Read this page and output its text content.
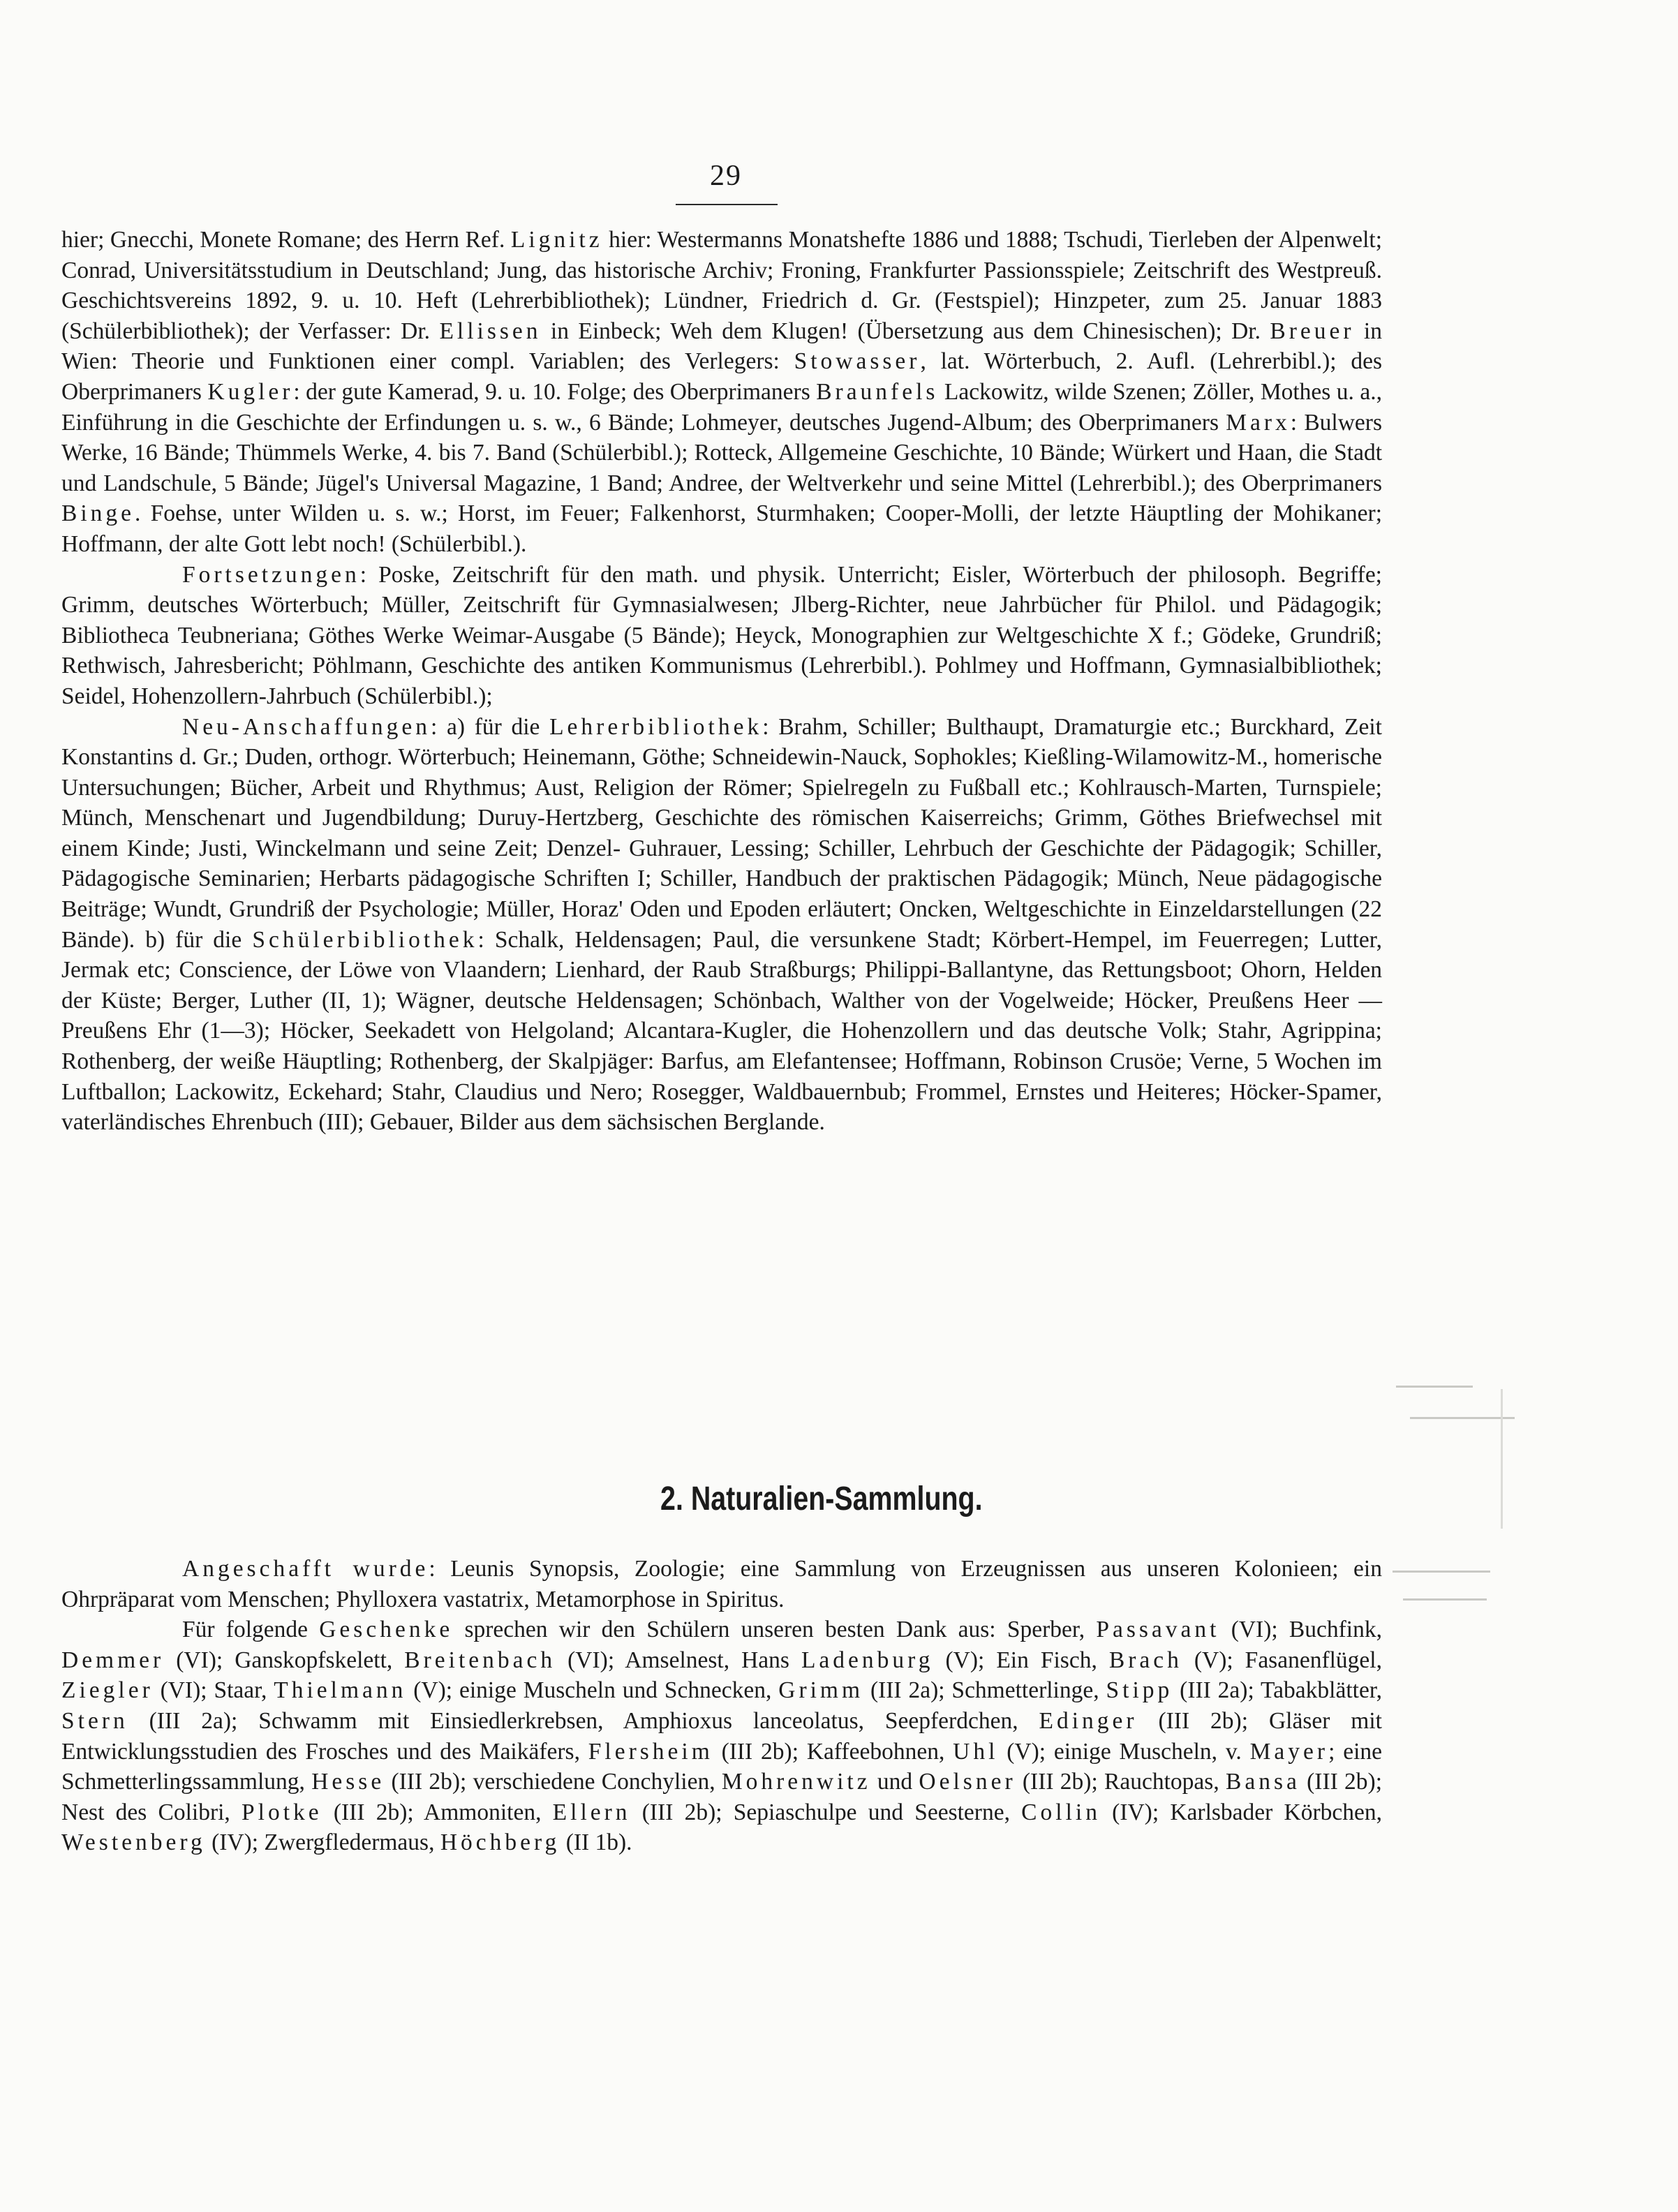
29

hier; Gnecchi, Monete Romane; des Herrn Ref. Lignitz hier: Westermanns Monatshefte 1886 und 1888; Tschudi, Tierleben der Alpenwelt; Conrad, Universitätsstudium in Deutschland; Jung, das historische Archiv; Froning, Frankfurter Passionsspiele; Zeitschrift des Westpreuß. Geschichtsvereins 1892, 9. u. 10. Heft (Lehrerbibliothek); Lündner, Friedrich d. Gr. (Festspiel); Hinzpeter, zum 25. Januar 1883 (Schülerbibliothek); der Verfasser: Dr. Ellissen in Einbeck; Weh dem Klugen! (Übersetzung aus dem Chinesischen); Dr. Breuer in Wien: Theorie und Funktionen einer compl. Variablen; des Verlegers: Stowasser, lat. Wörterbuch, 2. Aufl. (Lehrerbibl.); des Oberprimaners Kugler: der gute Kamerad, 9. u. 10. Folge; des Oberprimaners Braunfels Lackowitz, wilde Szenen; Zöller, Mothes u. a., Einführung in die Geschichte der Erfindungen u. s. w., 6 Bände; Lohmeyer, deutsches Jugend-Album; des Oberprimaners Marx: Bulwers Werke, 16 Bände; Thümmels Werke, 4. bis 7. Band (Schülerbibl.); Rotteck, Allgemeine Geschichte, 10 Bände; Würkert und Haan, die Stadt und Landschule, 5 Bände; Jügel's Universal Magazine, 1 Band; Andree, der Weltverkehr und seine Mittel (Lehrerbibl.); des Oberprimaners Binge. Foehse, unter Wilden u. s. w.; Horst, im Feuer; Falkenhorst, Sturmhaken; Cooper-Molli, der letzte Häuptling der Mohikaner; Hoffmann, der alte Gott lebt noch! (Schülerbibl.).

Fortsetzungen: Poske, Zeitschrift für den math. und physik. Unterricht; Eisler, Wörterbuch der philosoph. Begriffe; Grimm, deutsches Wörterbuch; Müller, Zeitschrift für Gymnasialwesen; Jlberg-Richter, neue Jahrbücher für Philol. und Pädagogik; Bibliotheca Teubneriana; Göthes Werke Weimar-Ausgabe (5 Bände); Heyck, Monographien zur Weltgeschichte X f.; Gödeke, Grundriß; Rethwisch, Jahresbericht; Pöhlmann, Geschichte des antiken Kommunismus (Lehrerbibl.). Pohlmey und Hoffmann, Gymnasialbibliothek; Seidel, Hohenzollern-Jahrbuch (Schülerbibl.);

Neu-Anschaffungen: a) für die Lehrerbibliothek: Brahm, Schiller; Bulthaupt, Dramaturgie etc.; Burckhard, Zeit Konstantins d. Gr.; Duden, orthogr. Wörterbuch; Heinemann, Göthe; Schneidewin-Nauck, Sophokles; Kießling-Wilamowitz-M., homerische Untersuchungen; Bücher, Arbeit und Rhythmus; Aust, Religion der Römer; Spielregeln zu Fußball etc.; Kohlrausch-Marten, Turnspiele; Münch, Menschenart und Jugendbildung; Duruy-Hertzberg, Geschichte des römischen Kaiserreichs; Grimm, Göthes Briefwechsel mit einem Kinde; Justi, Winckelmann und seine Zeit; Denzel- Guhrauer, Lessing; Schiller, Lehrbuch der Geschichte der Pädagogik; Schiller, Pädagogische Seminarien; Herbarts pädagogische Schriften I; Schiller, Handbuch der praktischen Pädagogik; Münch, Neue pädagogische Beiträge; Wundt, Grundriß der Psychologie; Müller, Horaz' Oden und Epoden erläutert; Oncken, Weltgeschichte in Einzeldarstellungen (22 Bände). b) für die Schülerbibliothek: Schalk, Heldensagen; Paul, die versunkene Stadt; Körbert-Hempel, im Feuerregen; Lutter, Jermak etc; Conscience, der Löwe von Vlaandern; Lienhard, der Raub Straßburgs; Philippi-Ballantyne, das Rettungsboot; Ohorn, Helden der Küste; Berger, Luther (II, 1); Wägner, deutsche Heldensagen; Schönbach, Walther von der Vogelweide; Höcker, Preußens Heer — Preußens Ehr (1—3); Höcker, Seekadett von Helgoland; Alcantara-Kugler, die Hohenzollern und das deutsche Volk; Stahr, Agrippina; Rothenberg, der weiße Häuptling; Rothenberg, der Skalpjäger: Barfus, am Elefantensee; Hoffmann, Robinson Crusöe; Verne, 5 Wochen im Luftballon; Lackowitz, Eckehard; Stahr, Claudius und Nero; Rosegger, Waldbauernbub; Frommel, Ernstes und Heiteres; Höcker-Spamer, vaterländisches Ehrenbuch (III); Gebauer, Bilder aus dem sächsischen Berglande.

2. Naturalien-Sammlung.

Angeschafft wurde: Leunis Synopsis, Zoologie; eine Sammlung von Erzeugnissen aus unseren Kolonieen; ein Ohrpräparat vom Menschen; Phylloxera vastatrix, Metamorphose in Spiritus.

Für folgende Geschenke sprechen wir den Schülern unseren besten Dank aus: Sperber, Passavant (VI); Buchfink, Demmer (VI); Ganskopfskelett, Breitenbach (VI); Amselnest, Hans Ladenburg (V); Ein Fisch, Brach (V); Fasanenflügel, Ziegler (VI); Staar, Thielmann (V); einige Muscheln und Schnecken, Grimm (III 2a); Schmetterlinge, Stipp (III 2a); Tabakblätter, Stern (III 2a); Schwamm mit Einsiedlerkrebsen, Amphioxus lanceolatus, Seepferdchen, Edinger (III 2b); Gläser mit Entwicklungsstudien des Frosches und des Maikäfers, Flersheim (III 2b); Kaffeebohnen, Uhl (V); einige Muscheln, v. Mayer; eine Schmetterlingssammlung, Hesse (III 2b); verschiedene Conchylien, Mohrenwitz und Oelsner (III 2b); Rauchtopas, Bansa (III 2b); Nest des Colibri, Plotke (III 2b); Ammoniten, Ellern (III 2b); Sepiaschulpe und Seesterne, Collin (IV); Karlsbader Körbchen, Westenberg (IV); Zwergfledermaus, Höchberg (II 1b).
